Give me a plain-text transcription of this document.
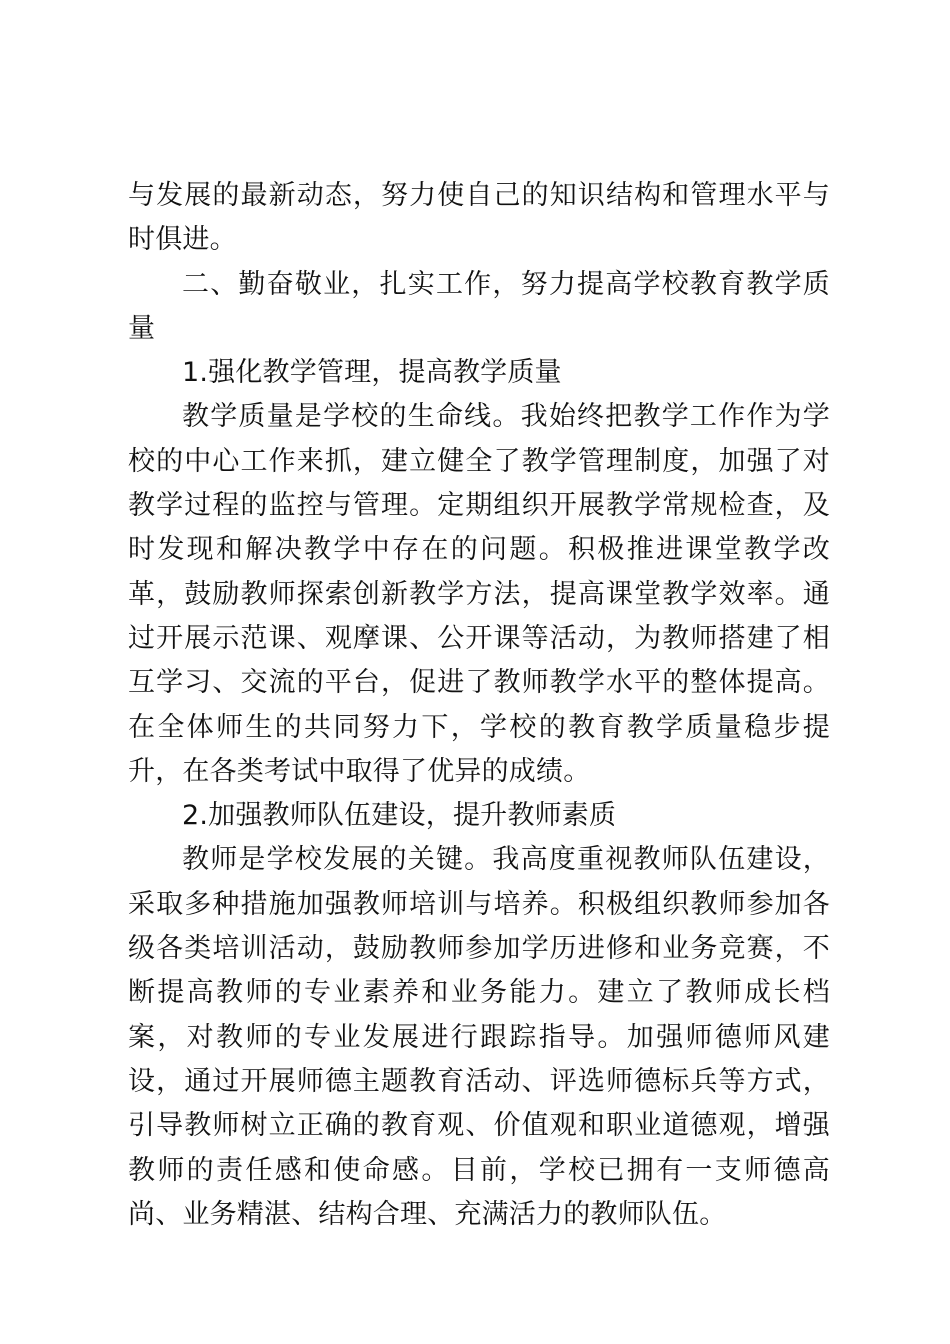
与发展的最新动态，努力使自己的知识结构和管理水平与时俱进。

二、勤奋敬业，扎实工作，努力提高学校教育教学质量

1.强化教学管理，提高教学质量

教学质量是学校的生命线。我始终把教学工作作为学校的中心工作来抓，建立健全了教学管理制度，加强了对教学过程的监控与管理。定期组织开展教学常规检查，及时发现和解决教学中存在的问题。积极推进课堂教学改革，鼓励教师探索创新教学方法，提高课堂教学效率。通过开展示范课、观摩课、公开课等活动，为教师搭建了相互学习、交流的平台，促进了教师教学水平的整体提高。在全体师生的共同努力下，学校的教育教学质量稳步提升，在各类考试中取得了优异的成绩。

2.加强教师队伍建设，提升教师素质

教师是学校发展的关键。我高度重视教师队伍建设，采取多种措施加强教师培训与培养。积极组织教师参加各级各类培训活动，鼓励教师参加学历进修和业务竞赛，不断提高教师的专业素养和业务能力。建立了教师成长档案，对教师的专业发展进行跟踪指导。加强师德师风建设，通过开展师德主题教育活动、评选师德标兵等方式，引导教师树立正确的教育观、价值观和职业道德观，增强教师的责任感和使命感。目前，学校已拥有一支师德高尚、业务精湛、结构合理、充满活力的教师队伍。
